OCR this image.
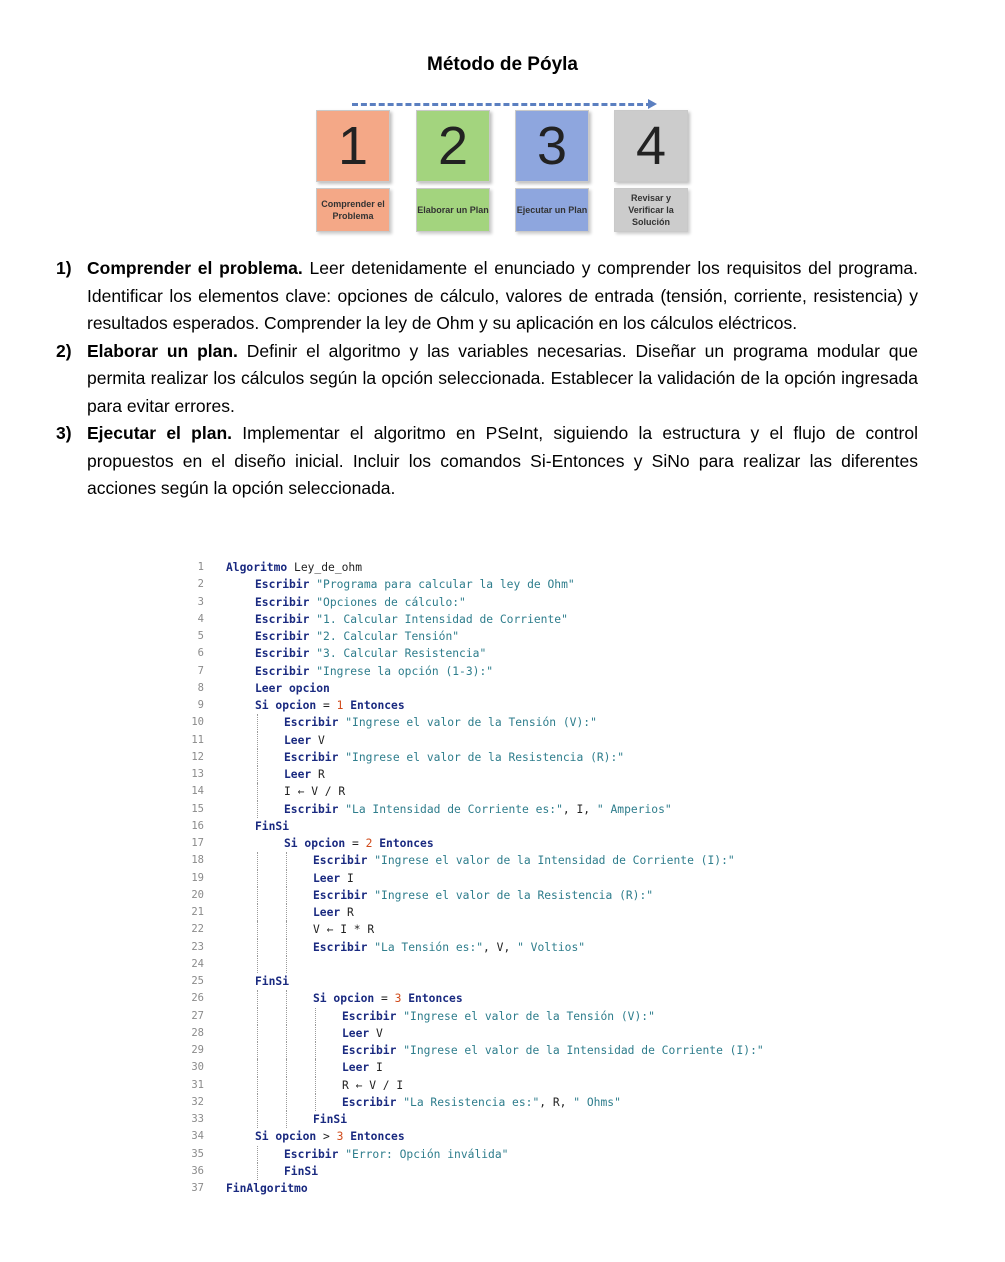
Método de Póyla
1
Comprender el Problema
2
Elaborar un Plan
3
Ejecutar un Plan
4
Revisar y Verificar la Solución
1) Comprender el problema. Leer detenidamente el enunciado y comprender los requisitos del programa. Identificar los elementos clave: opciones de cálculo, valores de entrada (tensión, corriente, resistencia) y resultados esperados. Comprender la ley de Ohm y su aplicación en los cálculos eléctricos.
2) Elaborar un plan. Definir el algoritmo y las variables necesarias. Diseñar un programa modular que permita realizar los cálculos según la opción seleccionada. Establecer la validación de la opción ingresada para evitar errores.
3) Ejecutar el plan. Implementar el algoritmo en PSeInt, siguiendo la estructura y el flujo de control propuestos en el diseño inicial. Incluir los comandos Si-Entonces y SiNo para realizar las diferentes acciones según la opción seleccionada.
1 Algoritmo Ley_de_ohm
2	Escribir "Programa para calcular la ley de Ohm"
3	Escribir "Opciones de cálculo:"
4	Escribir "1. Calcular Intensidad de Corriente"
5	Escribir "2. Calcular Tensión"
6	Escribir "3. Calcular Resistencia"
7	Escribir "Ingrese la opción (1-3):"
8	Leer opcion
9	Si opcion = 1 Entonces
10	Escribir "Ingrese el valor de la Tensión (V):"
11	Leer V
12	Escribir "Ingrese el valor de la Resistencia (R):"
13	Leer R
14	I ← V / R
15	Escribir "La Intensidad de Corriente es:", I, " Amperios"
16	FinSi
17	Si opcion = 2 Entonces
18	Escribir "Ingrese el valor de la Intensidad de Corriente (I):"
19	Leer I
20	Escribir "Ingrese el valor de la Resistencia (R):"
21	Leer R
22	V ← I * R
23	Escribir "La Tensión es:", V, " Voltios"
24
25	FinSi
26	Si opcion = 3 Entonces
27	Escribir "Ingrese el valor de la Tensión (V):"
28	Leer V
29	Escribir "Ingrese el valor de la Intensidad de Corriente (I):"
30	Leer I
31	R ← V / I
32	Escribir "La Resistencia es:", R, " Ohms"
33	FinSi
34	Si opcion > 3 Entonces
35	Escribir "Error: Opción inválida"
36	FinSi
37 FinAlgoritmo
